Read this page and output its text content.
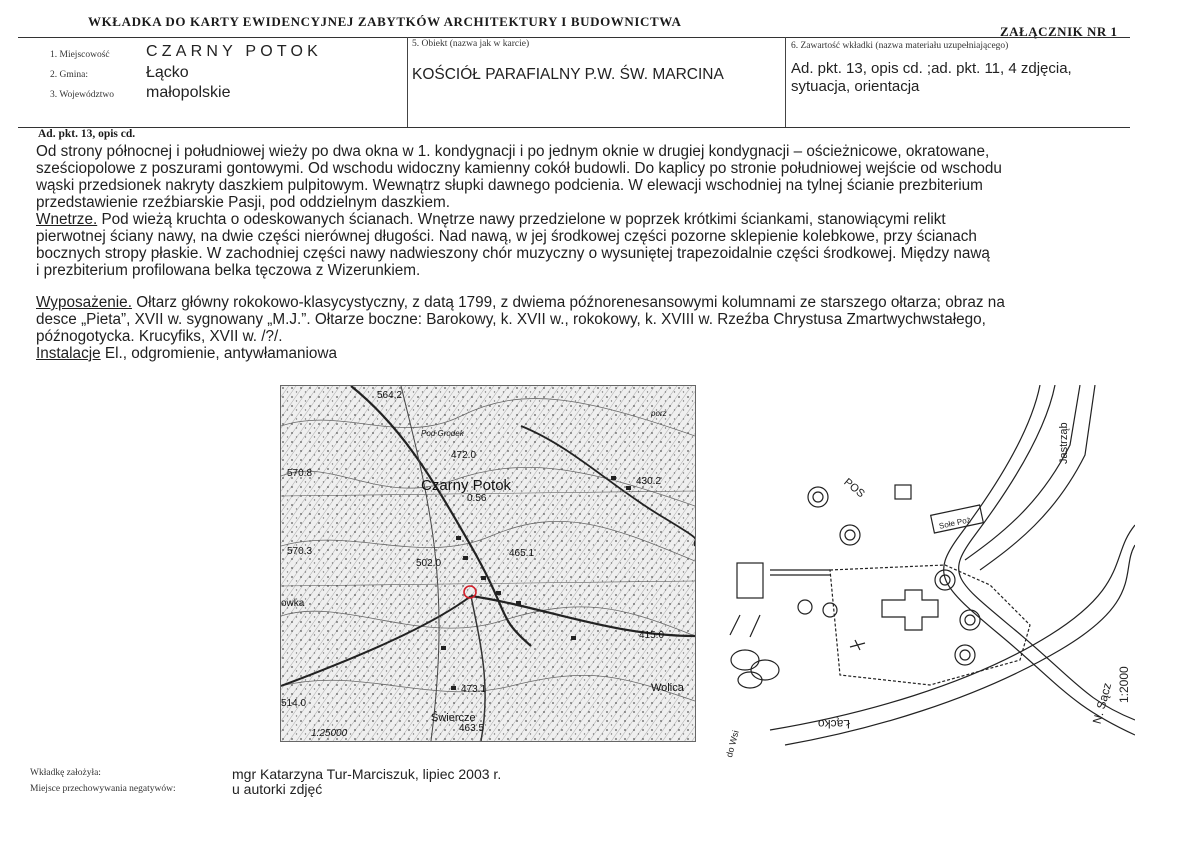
WKŁADKA DO KARTY EWIDENCYJNEJ ZABYTKÓW ARCHITEKTURY I BUDOWNICTWA
ZAŁĄCZNIK NR 1
1. Miejscowość CZARNY POTOK
2. Gmina:	Łącko
3. Województwo małopolskie
5. Obiekt (nazwa jak w karcie)
KOŚCIÓŁ PARAFIALNY P.W. ŚW. MARCINA
6. Zawartość wkładki (nazwa materiału uzupełniającego)
Ad. pkt. 13, opis cd. ;ad. pkt. 11, 4 zdjęcia,
sytuacja, orientacja
Ad. pkt. 13, opis cd.
Od strony północnej i południowej wieży po dwa okna w 1. kondygnacji i po jednym oknie w drugiej kondygnacji – ościeżnicowe, okratowane,
sześciopolowe z poszurami gontowymi. Od wschodu widoczny kamienny cokół budowli. Do kaplicy po stronie południowej wejście od wschodu
wąski przedsionek nakryty daszkiem pulpitowym. Wewnątrz słupki dawnego podcienia. W elewacji wschodniej na tylnej ścianie prezbiterium
przedstawienie rzeźbiarskie Pasji, pod oddzielnym daszkiem.
Wnetrze. Pod wieżą kruchta o odeskowanych ścianach. Wnętrze nawy przedzielone w poprzek krótkimi ściankami, stanowiącymi relikt
pierwotnej ściany nawy, na dwie części nierównej długości. Nad nawą, w jej środkowej części pozorne sklepienie kolebkowe, przy ścianach
bocznych stropy płaskie. W zachodniej części nawy nadwieszony chór muzyczny o wysuniętej trapezoidalnie części środkowej. Między nawą
i prezbiterium profilowana belka tęczowa z Wizerunkiem.
Wyposażenie. Ołtarz główny rokokowo-klasycystyczny, z datą 1799, z dwiema późnorenesansowymi kolumnami ze starszego ołtarza; obraz na
desce „Pieta”, XVII w. sygnowany „M.J.”. Ołtarze boczne: Barokowy, k. XVII w., rokokowy, k. XVIII w. Rzeźba Chrystusa Zmartwychwstałego,
późnogotycka. Krucyfiks, XVII w. /?/.
Instalacje El., odgromienie, antywłamaniowa
564,2
Pod Grodek
472.0
570.8
Czarny Potok
0.56
430.2
570.3
502.0
465.1
owka
415.0
473.1
514.0
Wolica
Świercze
463.5
porz
1:25000
Jastrząb
POS
Sołe Poż
Łącko
do Wsi
N. Sącz 1:2000
Wkładkę założyła:	mgr Katarzyna Tur-Marciszuk, lipiec 2003 r.
Miejsce przechowywania negatywów:	u autorki zdjęć
